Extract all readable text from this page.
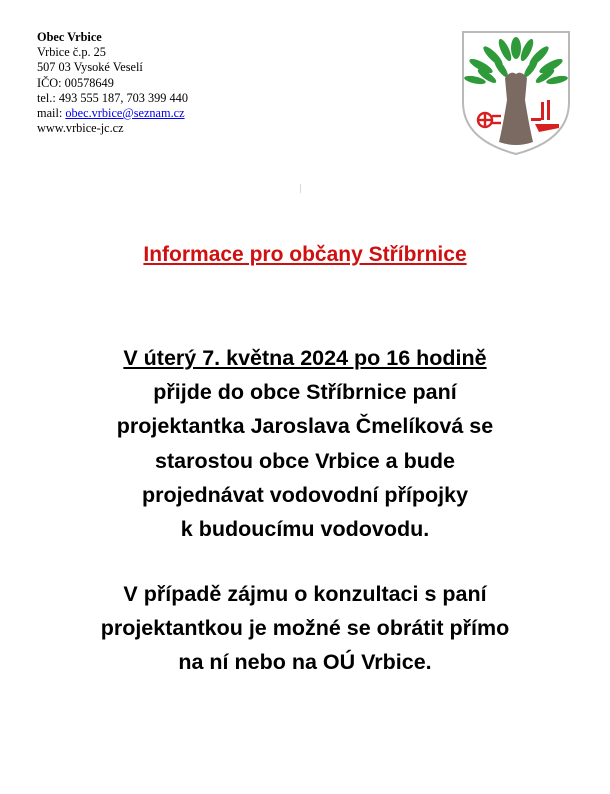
Obec Vrbice
Vrbice č.p. 25
507 03 Vysoké Veselí
IČO: 00578649
tel.: 493 555 187, 703 399 440
mail: obec.vrbice@seznam.cz
www.vrbice-jc.cz
Informace pro občany Stříbrnice
V úterý 7. května 2024 po 16 hodině
přijde do obce Stříbrnice paní
projektantka Jaroslava Čmelíková se
starostou obce Vrbice a bude
projednávat vodovodní přípojky
k budoucímu vodovodu.
V případě zájmu o konzultaci s paní
projektantkou je možné se obrátit přímo
na ní nebo na OÚ Vrbice.
